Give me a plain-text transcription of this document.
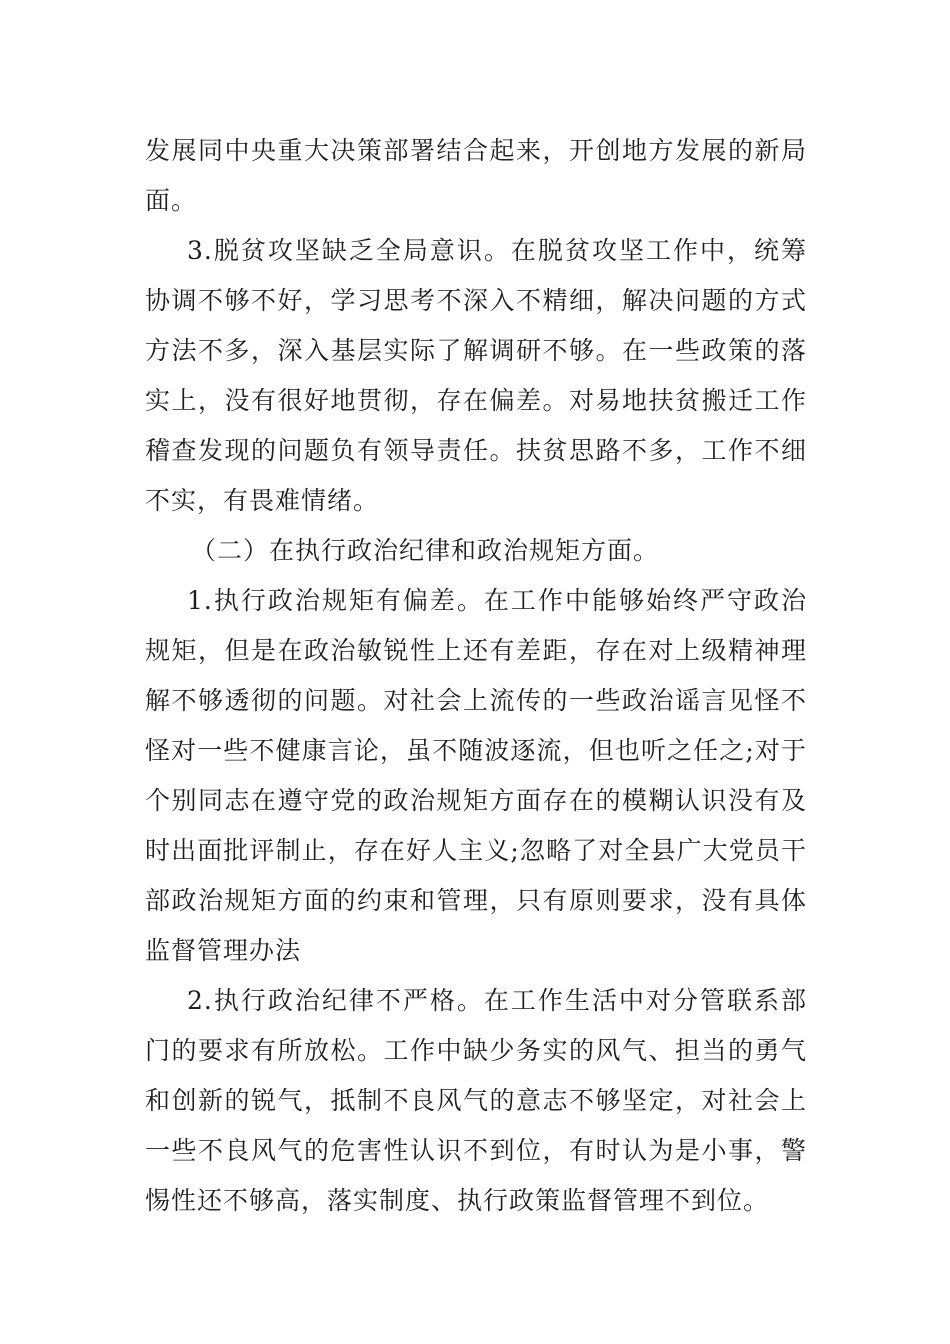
发展同中央重大决策部署结合起来，开创地方发展的新局面。

3.脱贫攻坚缺乏全局意识。在脱贫攻坚工作中，统筹协调不够不好，学习思考不深入不精细，解决问题的方式方法不多，深入基层实际了解调研不够。在一些政策的落实上，没有很好地贯彻，存在偏差。对易地扶贫搬迁工作稽查发现的问题负有领导责任。扶贫思路不多，工作不细不实，有畏难情绪。

（二）在执行政治纪律和政治规矩方面。

1.执行政治规矩有偏差。在工作中能够始终严守政治规矩，但是在政治敏锐性上还有差距，存在对上级精神理解不够透彻的问题。对社会上流传的一些政治谣言见怪不怪对一些不健康言论，虽不随波逐流，但也听之任之;对于个别同志在遵守党的政治规矩方面存在的模糊认识没有及时出面批评制止，存在好人主义;忽略了对全县广大党员干部政治规矩方面的约束和管理，只有原则要求，没有具体监督管理办法

2.执行政治纪律不严格。在工作生活中对分管联系部门的要求有所放松。工作中缺少务实的风气、担当的勇气和创新的锐气，抵制不良风气的意志不够坚定，对社会上一些不良风气的危害性认识不到位，有时认为是小事，警惕性还不够高，落实制度、执行政策监督管理不到位。
